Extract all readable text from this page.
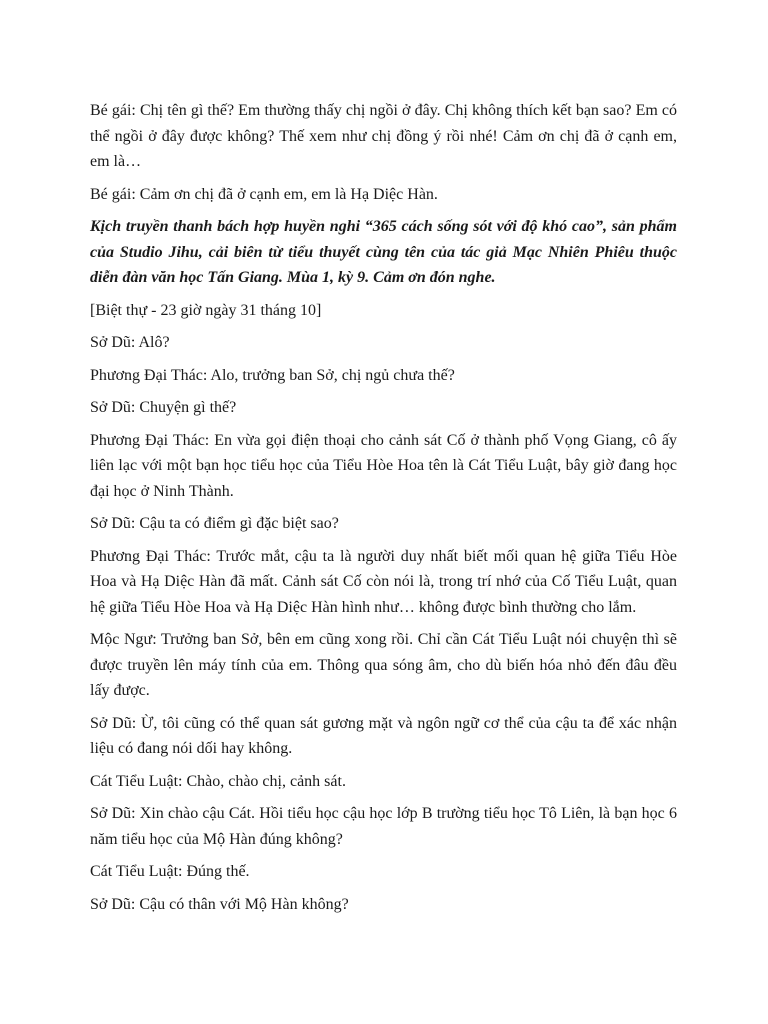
Bé gái: Chị tên gì thế? Em thường thấy chị ngồi ở đây. Chị không thích kết bạn sao? Em có thể ngồi ở đây được không? Thế xem như chị đồng ý rồi nhé! Cảm ơn chị đã ở cạnh em, em là…

Bé gái: Cảm ơn chị đã ở cạnh em, em là Hạ Diệc Hàn.

Kịch truyền thanh bách hợp huyền nghi “365 cách sống sót với độ khó cao”, sản phẩm của Studio Jihu, cải biên từ tiểu thuyết cùng tên của tác giả Mạc Nhiên Phiêu thuộc diễn đàn văn học Tấn Giang. Mùa 1, kỳ 9. Cảm ơn đón nghe.

[Biệt thự - 23 giờ ngày 31 tháng 10]

Sở Dũ: Alô?

Phương Đại Thác: Alo, trưởng ban Sở, chị ngủ chưa thế?

Sở Dũ: Chuyện gì thế?

Phương Đại Thác: En vừa gọi điện thoại cho cảnh sát Cố ở thành phố Vọng Giang, cô ấy liên lạc với một bạn học tiểu học của Tiểu Hòe Hoa tên là Cát Tiểu Luật, bây giờ đang học đại học ở Ninh Thành.

Sở Dũ: Cậu ta có điểm gì đặc biệt sao?

Phương Đại Thác: Trước mắt, cậu ta là người duy nhất biết mối quan hệ giữa Tiểu Hòe Hoa và Hạ Diệc Hàn đã mất. Cảnh sát Cố còn nói là, trong trí nhớ của Cố Tiểu Luật, quan hệ giữa Tiểu Hòe Hoa và Hạ Diệc Hàn hình như… không được bình thường cho lắm.

Mộc Ngư: Trưởng ban Sở, bên em cũng xong rồi. Chỉ cần Cát Tiểu Luật nói chuyện thì sẽ được truyền lên máy tính của em. Thông qua sóng âm, cho dù biến hóa nhỏ đến đâu đều lấy được.

Sở Dũ: Ừ, tôi cũng có thể quan sát gương mặt và ngôn ngữ cơ thể của cậu ta để xác nhận liệu có đang nói dối hay không.

Cát Tiểu Luật: Chào, chào chị, cảnh sát.

Sở Dũ: Xin chào cậu Cát. Hồi tiểu học cậu học lớp B trường tiểu học Tô Liên, là bạn học 6 năm tiểu học của Mộ Hàn đúng không?

Cát Tiểu Luật: Đúng thế.

Sở Dũ: Cậu có thân với Mộ Hàn không?
